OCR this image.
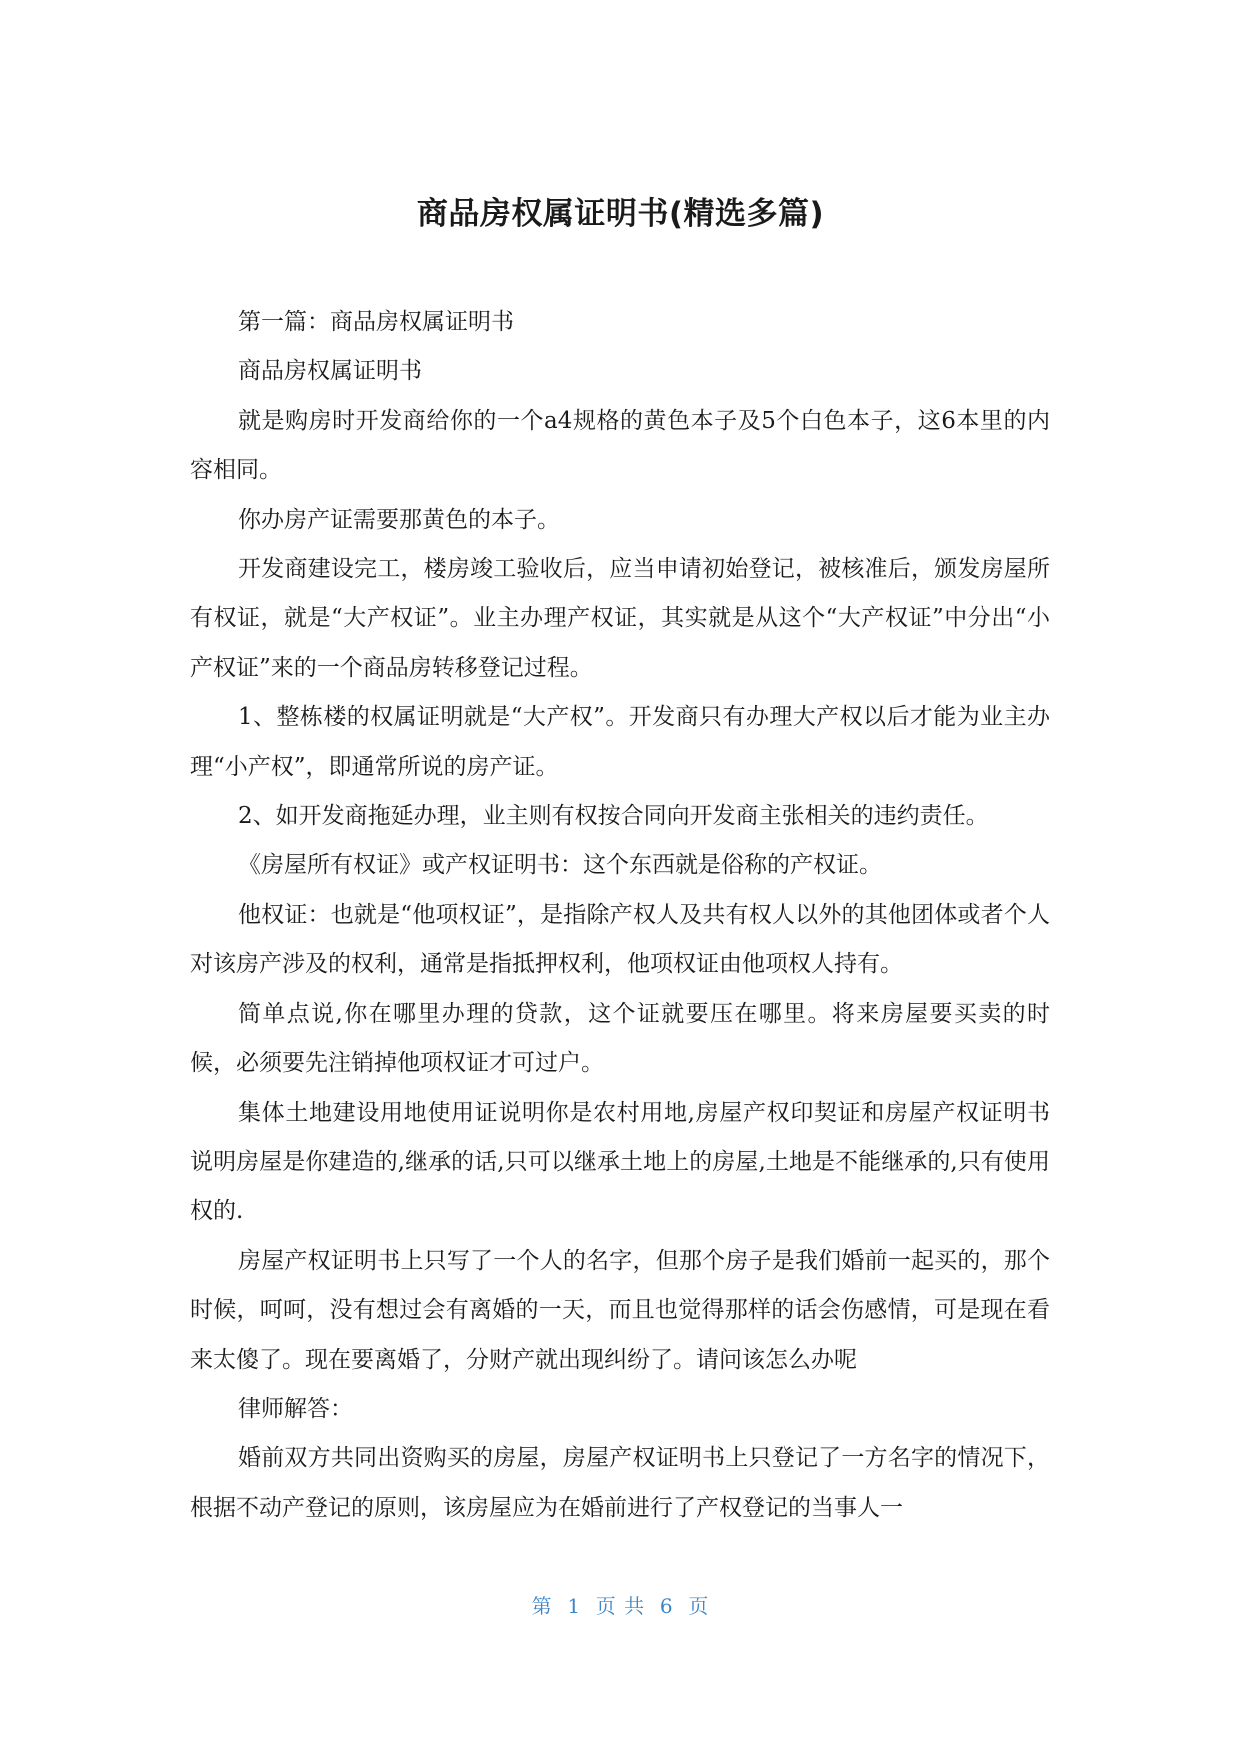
商品房权属证明书(精选多篇)

第一篇：商品房权属证明书

商品房权属证明书

就是购房时开发商给你的一个a4规格的黄色本子及5个白色本子，这6本里的内容相同。

你办房产证需要那黄色的本子。

开发商建设完工，楼房竣工验收后，应当申请初始登记，被核准后，颁发房屋所有权证，就是“大产权证”。业主办理产权证，其实就是从这个“大产权证”中分出“小产权证”来的一个商品房转移登记过程。

1、整栋楼的权属证明就是“大产权”。开发商只有办理大产权以后才能为业主办理“小产权”，即通常所说的房产证。

2、如开发商拖延办理，业主则有权按合同向开发商主张相关的违约责任。

《房屋所有权证》或产权证明书：这个东西就是俗称的产权证。

他权证：也就是“他项权证”，是指除产权人及共有权人以外的其他团体或者个人对该房产涉及的权利，通常是指抵押权利，他项权证由他项权人持有。

简单点说,你在哪里办理的贷款，这个证就要压在哪里。将来房屋要买卖的时候，必须要先注销掉他项权证才可过户。

集体土地建设用地使用证说明你是农村用地,房屋产权印契证和房屋产权证明书说明房屋是你建造的,继承的话,只可以继承土地上的房屋,土地是不能继承的,只有使用权的.

房屋产权证明书上只写了一个人的名字，但那个房子是我们婚前一起买的，那个时候，呵呵，没有想过会有离婚的一天，而且也觉得那样的话会伤感情，可是现在看来太傻了。现在要离婚了，分财产就出现纠纷了。请问该怎么办呢

律师解答：

婚前双方共同出资购买的房屋，房屋产权证明书上只登记了一方名字的情况下，根据不动产登记的原则，该房屋应为在婚前进行了产权登记的当事人一

第  1  页 共  6  页
